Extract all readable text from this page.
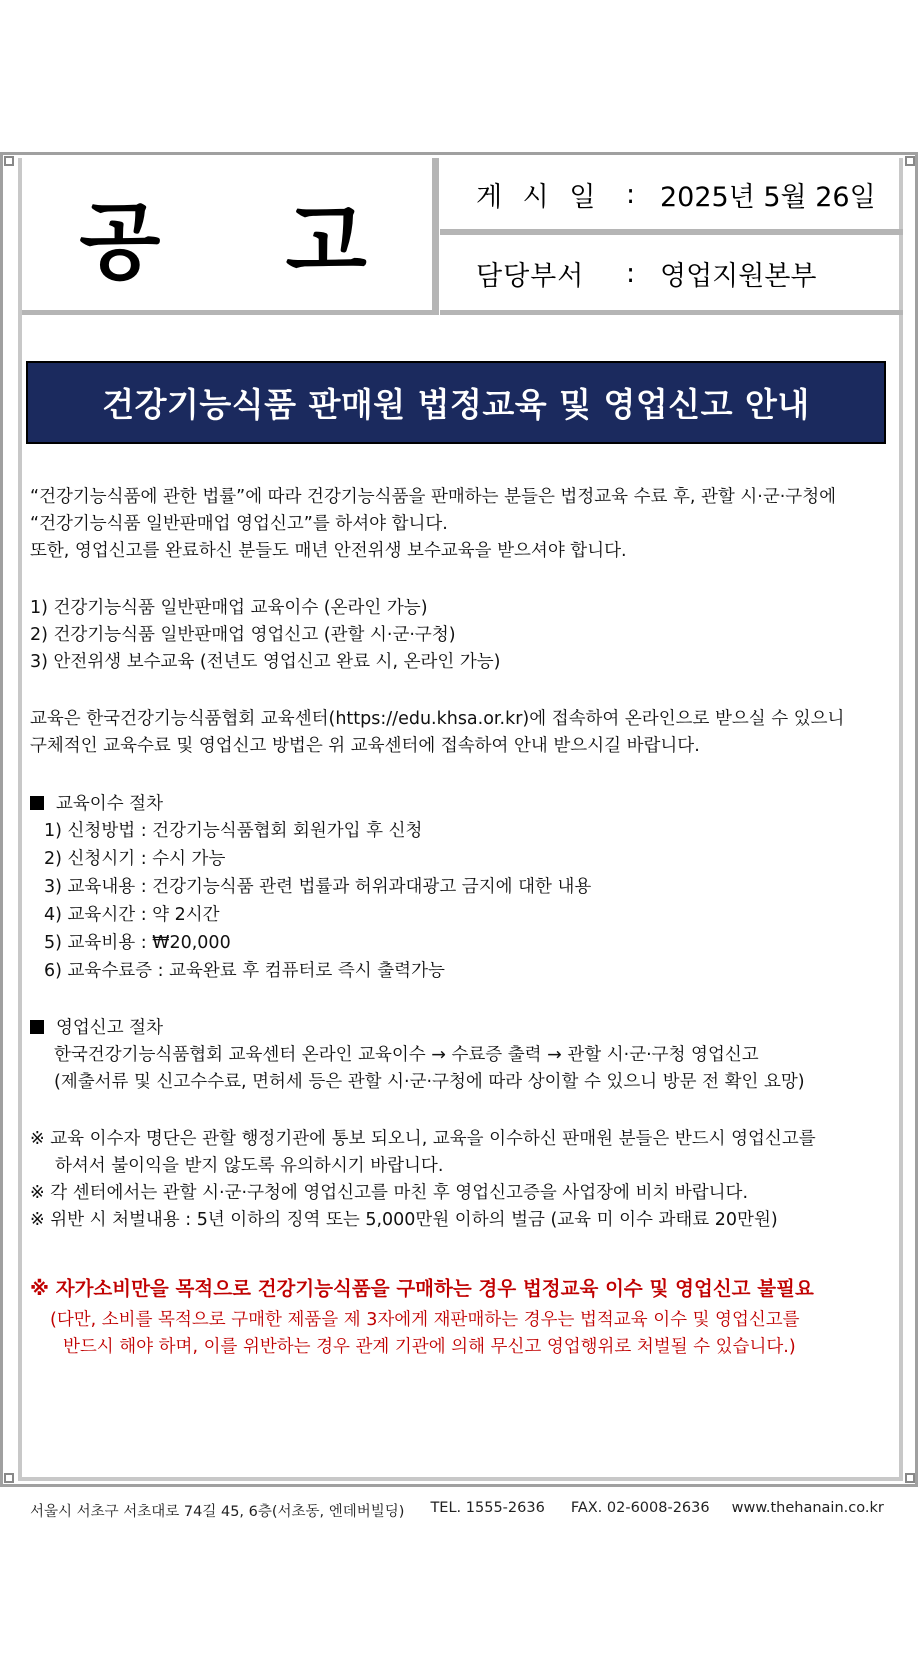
공 고	게 시 일 : 2025년 5월 26일
담당부서	: 영업지원본부
건강기능식품 판매원 법정교육 및 영업신고 안내
“건강기능식품에 관한 법률”에 따라 건강기능식품을 판매하는 분들은 법정교육 수료 후, 관할 시·군·구청에
“건강기능식품 일반판매업 영업신고”를 하셔야 합니다.
또한, 영업신고를 완료하신 분들도 매년 안전위생 보수교육을 받으셔야 합니다.
1) 건강기능식품 일반판매업 교육이수 (온라인 가능)
2) 건강기능식품 일반판매업 영업신고 (관할 시·군·구청)
3) 안전위생 보수교육 (전년도 영업신고 완료 시, 온라인 가능)
교육은 한국건강기능식품협회 교육센터(https://edu.khsa.or.kr)에 접속하여 온라인으로 받으실 수 있으니
구체적인 교육수료 및 영업신고 방법은 위 교육센터에 접속하여 안내 받으시길 바랍니다.
교육이수 절차
1) 신청방법 : 건강기능식품협회 회원가입 후 신청
2) 신청시기 : 수시 가능
3) 교육내용 : 건강기능식품 관련 법률과 허위과대광고 금지에 대한 내용
4) 교육시간 : 약 2시간
5) 교육비용 : ₩20,000
6) 교육수료증 : 교육완료 후 컴퓨터로 즉시 출력가능
영업신고 절차
한국건강기능식품협회 교육센터 온라인 교육이수 → 수료증 출력 → 관할 시·군·구청 영업신고
(제출서류 및 신고수수료, 면허세 등은 관할 시·군·구청에 따라 상이할 수 있으니 방문 전 확인 요망)
※ 교육 이수자 명단은 관할 행정기관에 통보 되오니, 교육을 이수하신 판매원 분들은 반드시 영업신고를
하셔서 불이익을 받지 않도록 유의하시기 바랍니다.
※ 각 센터에서는 관할 시·군·구청에 영업신고를 마친 후 영업신고증을 사업장에 비치 바랍니다.
※ 위반 시 처벌내용 : 5년 이하의 징역 또는 5,000만원 이하의 벌금 (교육 미 이수 과태료 20만원)
※ 자가소비만을 목적으로 건강기능식품을 구매하는 경우 법정교육 이수 및 영업신고 불필요
(다만, 소비를 목적으로 구매한 제품을 제 3자에게 재판매하는 경우는 법적교육 이수 및 영업신고를
반드시 해야 하며, 이를 위반하는 경우 관계 기관에 의해 무신고 영업행위로 처벌될 수 있습니다.)
서울시 서초구 서초대로 74길 45, 6층(서초동, 엔데버빌딩) TEL. 1555-2636 FAX. 02-6008-2636 www.thehanain.co.kr
